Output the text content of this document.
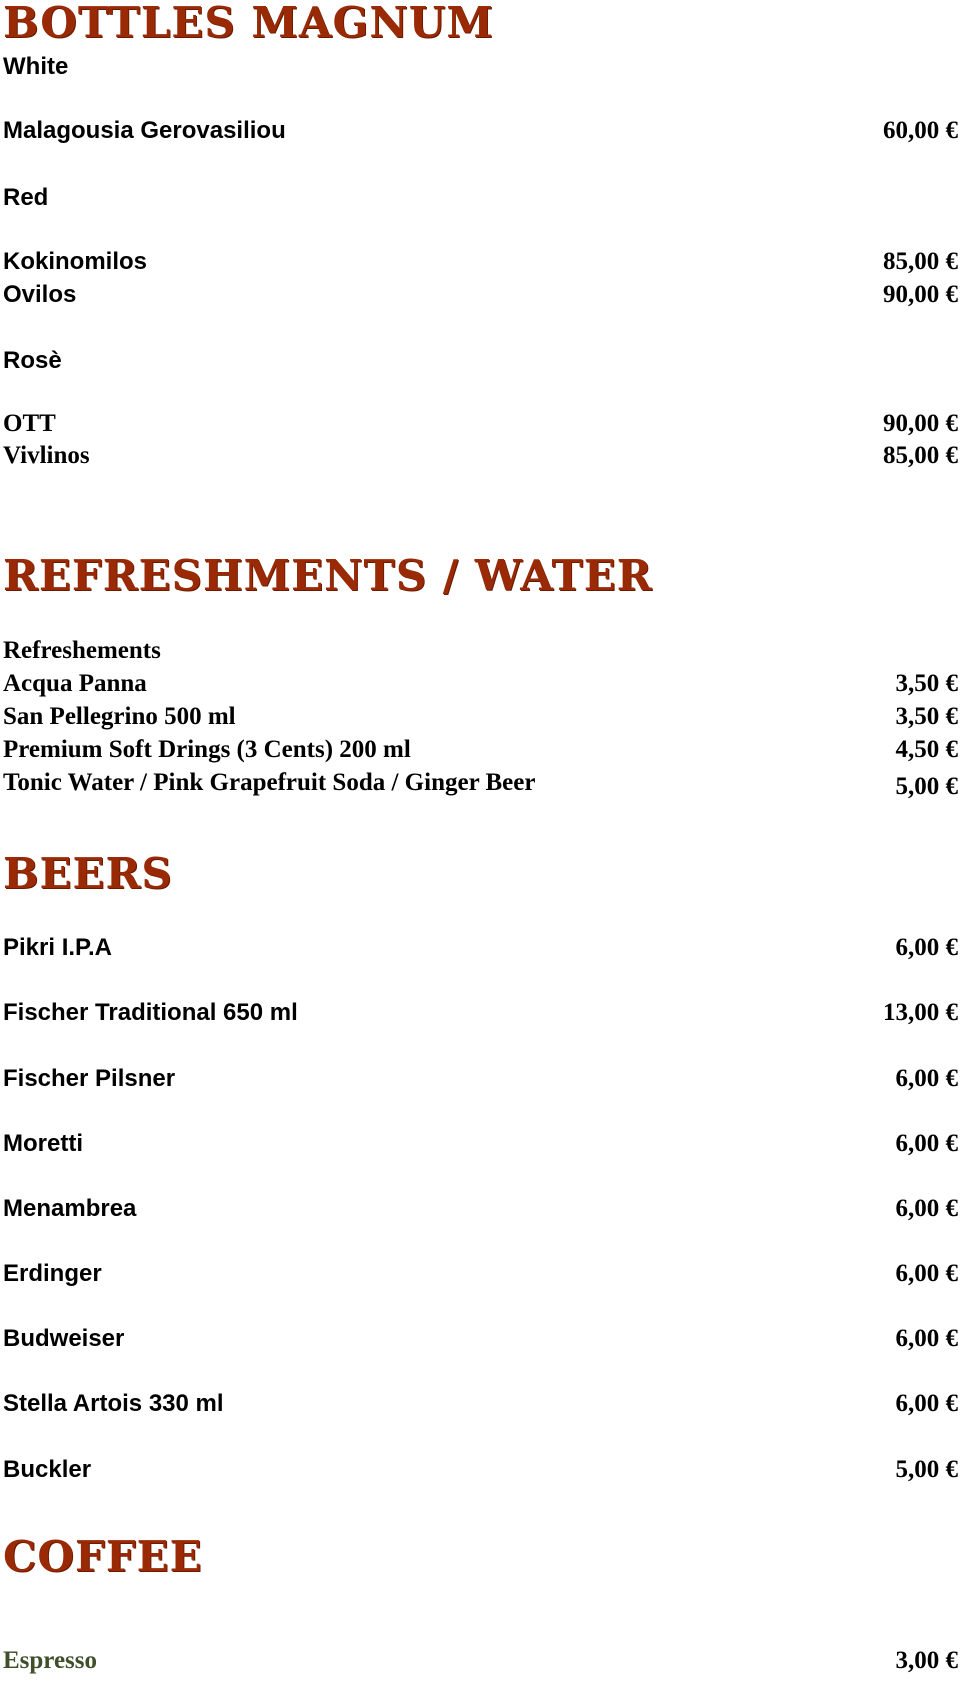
BOTTLES MAGNUM
White
Malagousia Gerovasiliou	60,00 €
Red
Kokinomilos	85,00 €
Ovilos	90,00 €
Rosè
OTT	90,00 €
Vivlinos	85,00 €
REFRESHMENTS / WATER
Refreshements
Acqua Panna	3,50 €
San Pellegrino 500 ml	3,50 €
Premium Soft Drings (3 Cents) 200 ml	4,50 €
Tonic Water / Pink Grapefruit Soda / Ginger Beer	5,00 €
BEERS
Pikri I.P.A	6,00 €
Fischer Traditional 650 ml	13,00 €
Fischer Pilsner	6,00 €
Moretti	6,00 €
Menambrea	6,00 €
Erdinger	6,00 €
Budweiser	6,00 €
Stella Artois 330 ml	6,00 €
Buckler	5,00 €
COFFEE
Espresso	3,00 €
